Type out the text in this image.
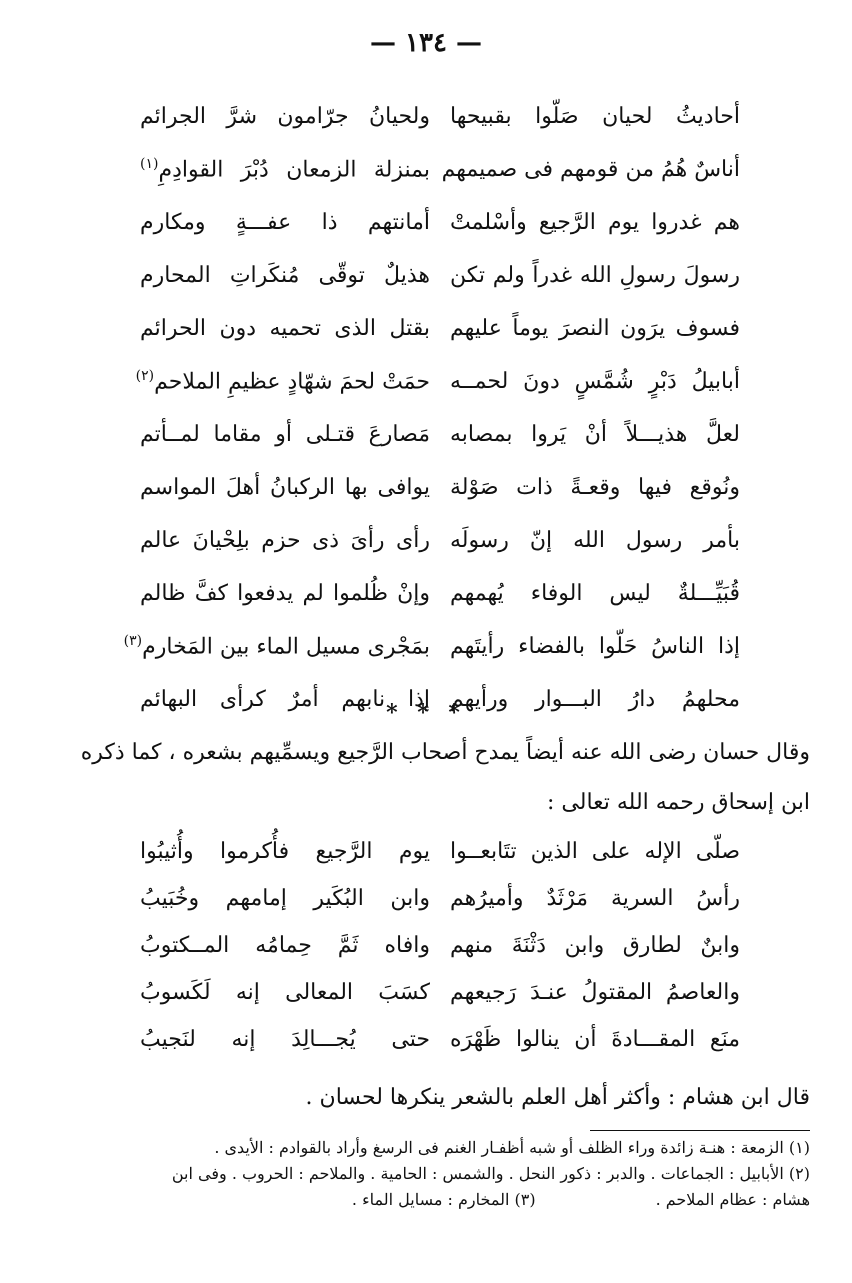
— ١٣٤ —
أحاديثُ لحيان صَلّوا بقبيحها
ولحيانُ جرّامون شرَّ الجرائم
أناسٌ هُمُ من قومهم فى صميمهم
بمنزلة الزمعان دُبْرَ القوادِمِ$^{(١)}$
هم غدروا يوم الرَّجيع وأسْلمتْ
أمانتهم ذا عفـــةٍ ومكارم
رسولَ رسولِ الله غدراً ولم تكن
هذيلٌ توقّى مُنكَراتِ المحارم
فسوف يرَون النصرَ يوماً عليهم
بقتل الذى تحميه دون الحرائم
أبابيلُ دَبْرٍ شُمَّسٍ دونَ لحمــه
حمَتْ لحمَ شهّادٍ عظيمِ الملاحم$^{(٢)}$
لعلَّ هذيـــلاً أنْ يَروا بمصابه
مَصارعَ قتـلى أو مقاما لمــأتم
ونُوقع فيها وقعـةً ذات صَوْلة
يوافى بها الركبانُ أهلَ المواسم
بأمر رسول الله إنّ رسولَه
رأى رأىَ ذى حزم بلِحْيانَ عالم
قُبَيِّـــلةٌ ليس الوفاء يُهمهم
وإنْ ظُلموا لم يدفعوا كفَّ ظالم
إذا الناسُ حَلّوا بالفضاء رأيتَهم
بمَجْرى مسيل الماء بين المَخارم$^{(٣)}$
محلهمُ دارُ البـــوار ورأيهم
إذا نابهم أمرٌ كرأى البهائم
* * *
وقال حسان رضى الله عنه أيضاً يمدح أصحاب الرَّجيع ويسمِّيهم بشعره ، كما ذكره
ابن إسحاق رحمه الله تعالى :
صلّى الإله على الذين تتَابعــوا
يوم الرَّجيع فأُكرموا وأُثيبُوا
رأسُ السرية مَرْثَدٌ وأميرُهم
وابن البُكَير إمامهم وخُبَيبُ
وابنٌ لطارق وابن دَثْنَةَ منهم
وافاه ثَمَّ حِمامُه المــكتوبُ
والعاصمُ المقتولُ عنـدَ رَجيعهم
كسَبَ المعالى إنه لَكَسوبُ
منَع المقـــادةَ أن ينالوا ظَهْرَه
حتى يُجـــالِدَ إنه لنَجيبُ
قال ابن هشام : وأكثر أهل العلم بالشعر ينكرها لحسان .
(١) الزمعة : هنـة زائدة وراء الظلف أو شبه أظفـار الغنم فى الرسغ وأراد بالقوادم : الأيدى .
(٢) الأبابيل : الجماعات . والدبر : ذكور النحل . والشمس : الحامية . والملاحم : الحروب . وفى ابن
هشام : عظام الملاحم .
(٣) المخارم : مسايل الماء .
